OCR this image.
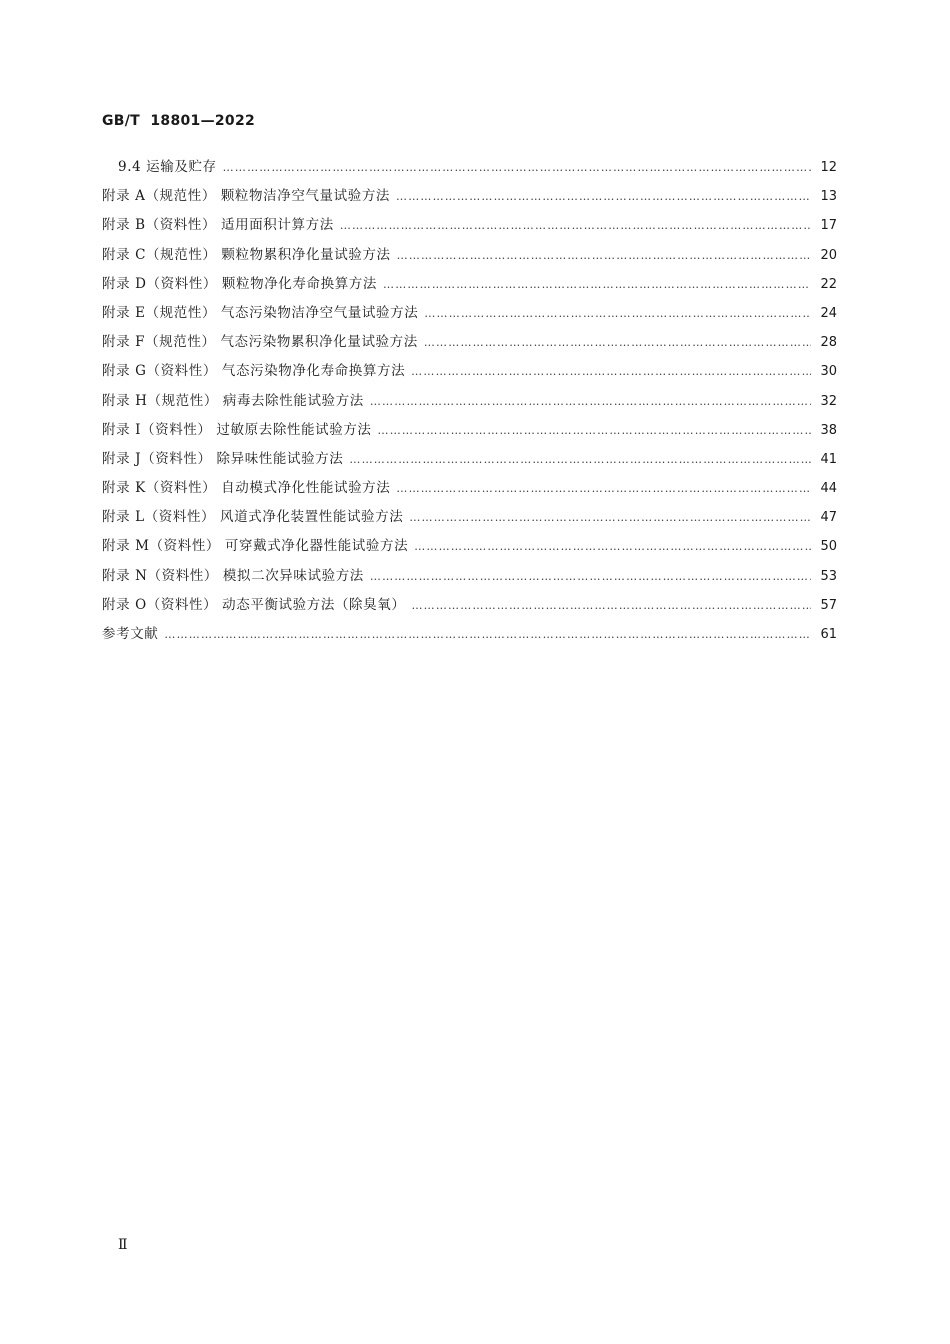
GB/T  18801—2022
9.4 运输及贮存 ………………………………………………………………………………………………………………………………………………………………………………………………	12
附录 A（规范性） 颗粒物洁净空气量试验方法 ………………………………………………………………………………………………………………………………………………………………………………………………	13
附录 B（资料性） 适用面积计算方法 ………………………………………………………………………………………………………………………………………………………………………………………………	17
附录 C（规范性） 颗粒物累积净化量试验方法 ………………………………………………………………………………………………………………………………………………………………………………………………	20
附录 D（资料性） 颗粒物净化寿命换算方法 ………………………………………………………………………………………………………………………………………………………………………………………………	22
附录 E（规范性） 气态污染物洁净空气量试验方法 ………………………………………………………………………………………………………………………………………………………………………………………………	24
附录 F（规范性） 气态污染物累积净化量试验方法 ………………………………………………………………………………………………………………………………………………………………………………………………	28
附录 G（资料性） 气态污染物净化寿命换算方法 ………………………………………………………………………………………………………………………………………………………………………………………………	30
附录 H（规范性） 病毒去除性能试验方法 ………………………………………………………………………………………………………………………………………………………………………………………………	32
附录 I（资料性） 过敏原去除性能试验方法 ………………………………………………………………………………………………………………………………………………………………………………………………	38
附录 J（资料性） 除异味性能试验方法 ………………………………………………………………………………………………………………………………………………………………………………………………	41
附录 K（资料性） 自动模式净化性能试验方法 ………………………………………………………………………………………………………………………………………………………………………………………………	44
附录 L（资料性） 风道式净化装置性能试验方法 ………………………………………………………………………………………………………………………………………………………………………………………………	47
附录 M（资料性） 可穿戴式净化器性能试验方法 ………………………………………………………………………………………………………………………………………………………………………………………………	50
附录 N（资料性） 模拟二次异味试验方法 ………………………………………………………………………………………………………………………………………………………………………………………………	53
附录 O（资料性） 动态平衡试验方法（除臭氧） ………………………………………………………………………………………………………………………………………………………………………………………………	57
参考文献 ………………………………………………………………………………………………………………………………………………………………………………………………	61
Ⅱ
